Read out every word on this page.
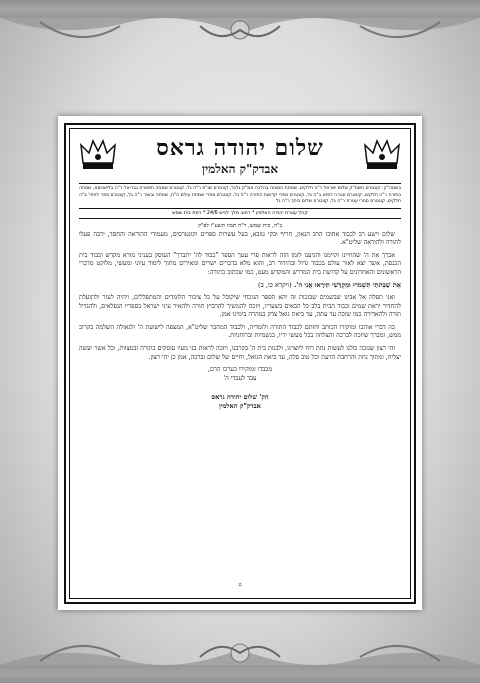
שלום יהודה גראס
אבדק"ק האלמין
בשמה"ק: קונטרס חשמ"ק שלום ישראל ר"ה חלקים. שמחת המצוה בהלכה אמ"ק גלגל, קונטרס שו"ת ר"ה גל, קונטרס שמחה תפארת גבריאל ר"ה בליאוויסא, שמחה בתורה ר"ה חלקים, קונטרס עטרה דפזא ב"ה גל, קונטרס ספרי קדושת התורה ר"ה גל, קונטרס ספרי שמחת עולם ה"ח, שמחה ובשיר ר"ה גל, קונטרס ספר לתחי' ב"ה חלקים, קונטרס ספרי עטרת ר"ה גל, קונטרס שלום ביתך ר"ה גל
קהל עטרת יהודה האלמין * רחוב מלך לכיש 24/6 * רמת בית שמש
ב"ה, בית שמש, ר"ח תמוז תשע"ו לפ"ק

שלום וישע רב לכבוד אחובו הרב הגאון, חריף ובקי טובא, בעל עשרות ספרים וקונטרסים, מעמודי ההוראה והחסד, ירבה פעלו לתורה ולהוראה שליט"א.

אברך את ה' שהחיינו וקיימנו והגיענו לזמן הזה לראות פרי עטך הספר "כבוד לה' יתברך" העוסק בעניני מורא מקדש וכבוד בית הכנסת, אשר יצא לאור עולם בכבוד גדול ובהידור רב, והוא מלא בדברים ישרים ומאירים מתוך לימוד עיוני ומעשי, מלוקט מדברי הראשונים והאחרונים על קדושת בית המדרש והמקדש מעט, כמו שכתוב בתורה:

אֶת שַׁבְּתֹתַי תִּשְׁמֹרוּ וּמִקְדָּשִׁי תִּירָאוּ אֲנִי ה'. (ויקרא כו, ב)

ואני תפלה אל אבינו שבשמים שבזכות זה יהא הספר הנוכחי שיקובל על כל ציבור הלומדים והמתפללים, ויהיה לעזר ולתועלת להחדיר יראת שמים וכבוד הבית בלב כל הבאים בשעריו, ויזכה להמשיך להרביץ תורה ולהאיר עיני ישראל בספריו הנפלאים, ולהגדיל תורה ולהאדירה כמו שזכה עד עתה, עד ביאת גואל צדק במהרה בימינו אמן.

כה דברי אוהבו ומוקירו הכותב וחותם לכבוד התורה ולומדיה, ולכבוד המחבר שליט"א, המצפה לישועת ה' ולגאולה השלמה בקרוב ממש, ומברך שיזכה לברכה והצלחה בכל מעשי ידיו, בגשמיות וברוחניות.

והי רצון שנזכה כולנו לעשות נחת רוח ליוצרנו, ולבנות בית ה' בקרבנו, ויזכה לראות בני מעיו עוסקים בתורה ובמצוות, וכל אשר יעשה יצליח, ומתוך נחת והרחבת הדעת וכל טוב סלה, עד ביאת הגואל, וחיים של שלום וברכה, אמן כן יהי רצון.

מכבדו ומוקירו כערכו הרם,

עבד לעבדי ה'

הק' שלום יהודה גראס
אבדק"ק האלמין
ט
